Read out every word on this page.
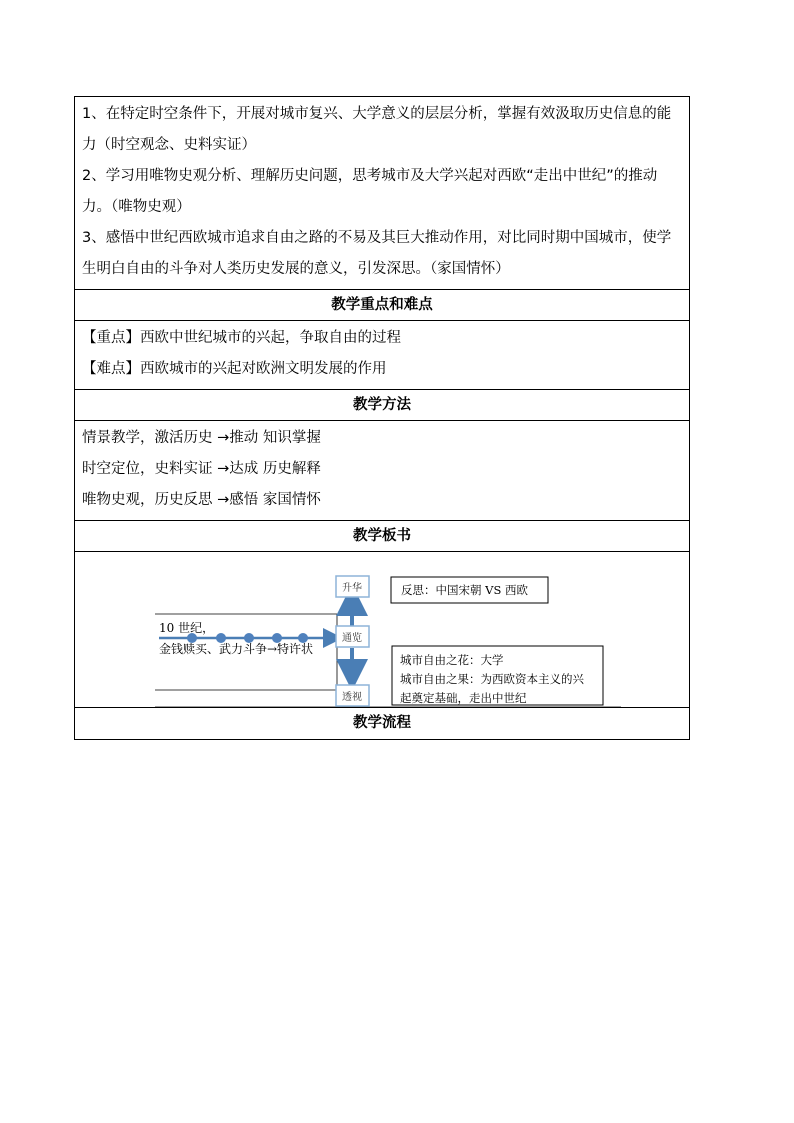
1、在特定时空条件下，开展对城市复兴、大学意义的层层分析，掌握有效汲取历史信息的能力（时空观念、史料实证）

2、学习用唯物史观分析、理解历史问题，思考城市及大学兴起对西欧“走出中世纪”的推动力。（唯物史观）

3、感悟中世纪西欧城市追求自由之路的不易及其巨大推动作用，对比同时期中国城市，使学生明白自由的斗争对人类历史发展的意义，引发深思。（家国情怀）

教学重点和难点

【重点】西欧中世纪城市的兴起，争取自由的过程

【难点】西欧城市的兴起对欧洲文明发展的作用

教学方法

情景教学，激活历史 →推动 知识掌握

时空定位，史料实证 →达成 历史解释

唯物史观，历史反思 →感悟 家国情怀

教学板书
10 世纪，
金钱赎买、武力斗争→特许状
升华
通览
透视
反思：中国宋朝 VS 西欧
城市自由之花：大学
城市自由之果：为西欧资本主义的兴
起奠定基础，走出中世纪
教学流程
